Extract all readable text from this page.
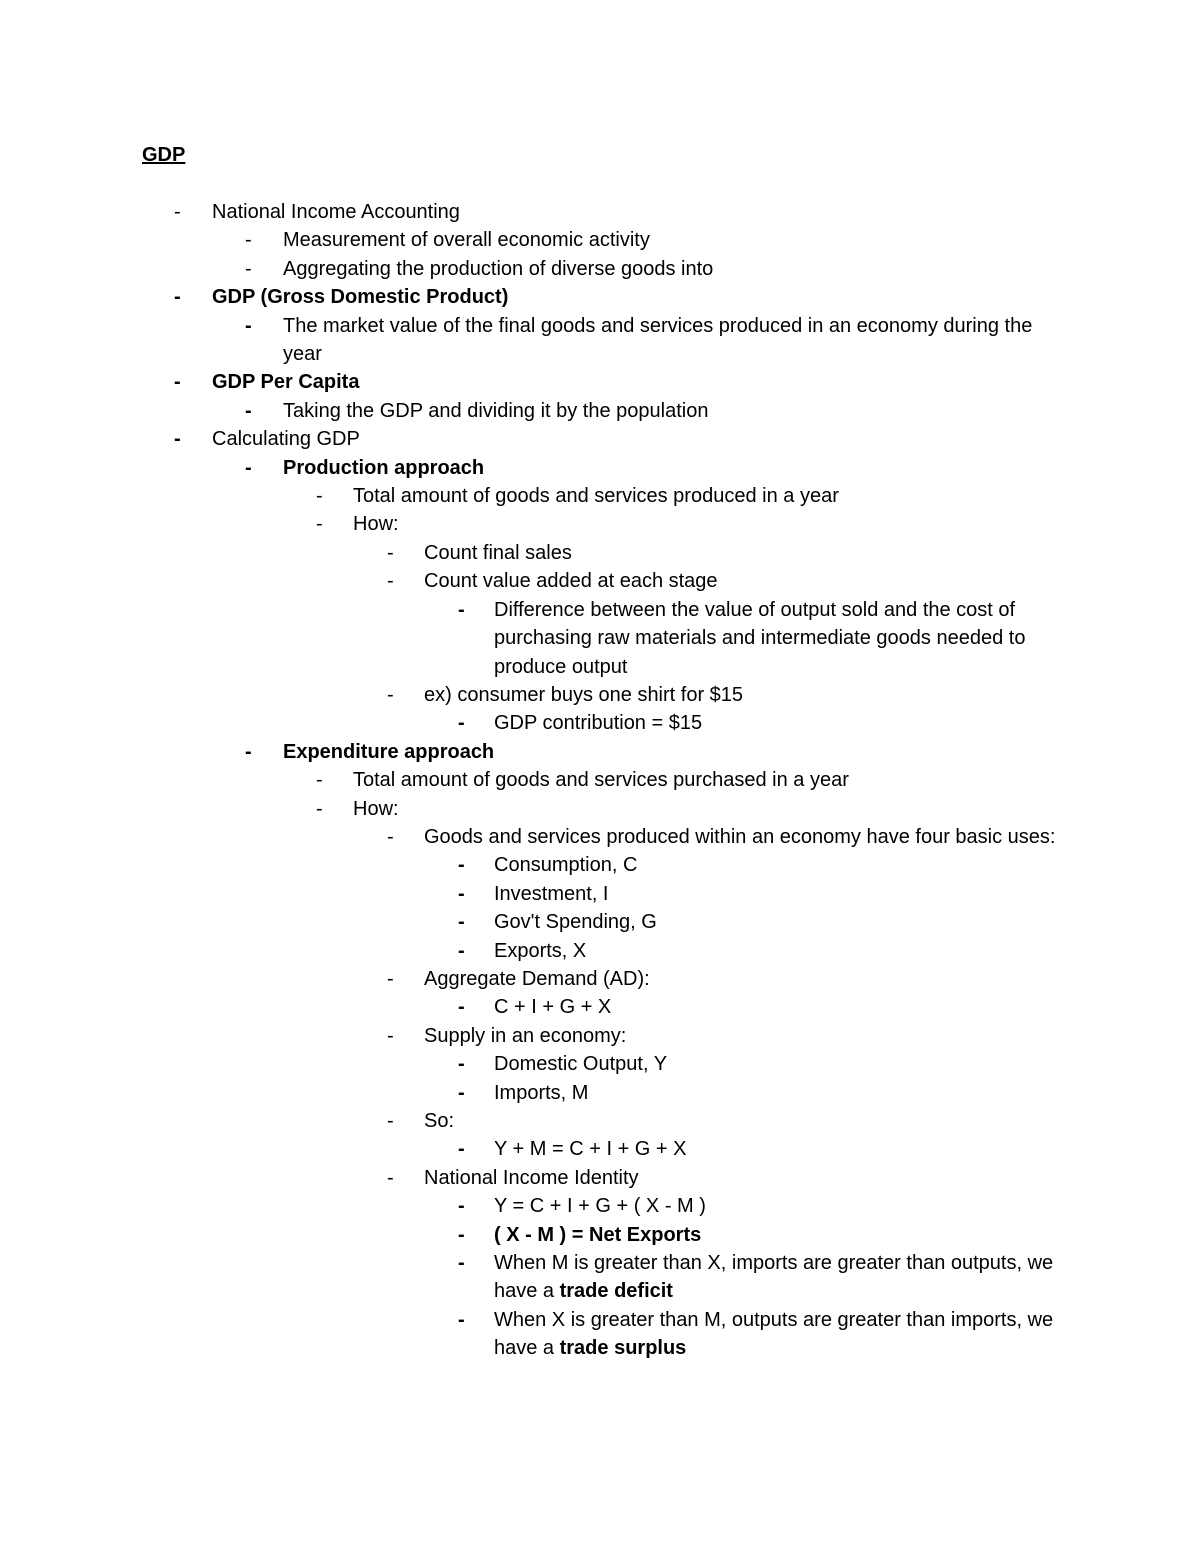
GDP
-	National Income Accounting
-	Measurement of overall economic activity
-	Aggregating the production of diverse goods into
-	GDP (Gross Domestic Product)
-	The market value of the final goods and services produced in an economy during the year
-	GDP Per Capita
-	Taking the GDP and dividing it by the population
-	Calculating GDP
-	Production approach
-	Total amount of goods and services produced in a year
-	How:
-	Count final sales
-	Count value added at each stage
-	Difference between the value of output sold and the cost of purchasing raw materials and intermediate goods needed to produce output
-	ex) consumer buys one shirt for $15
-	GDP contribution = $15
-	Expenditure approach
-	Total amount of goods and services purchased in a year
-	How:
-	Goods and services produced within an economy have four basic uses:
-	Consumption, C
-	Investment, I
-	Gov't Spending, G
-	Exports, X
-	Aggregate Demand (AD):
-	C + I + G + X
-	Supply in an economy:
-	Domestic Output, Y
-	Imports, M
-	So:
-	Y + M = C + I + G + X
-	National Income Identity
-	Y = C + I + G + ( X - M )
-	( X - M ) = Net Exports
-	When M is greater than X, imports are greater than outputs, we have a trade deficit
-	When X is greater than M, outputs are greater than imports, we have a trade surplus
